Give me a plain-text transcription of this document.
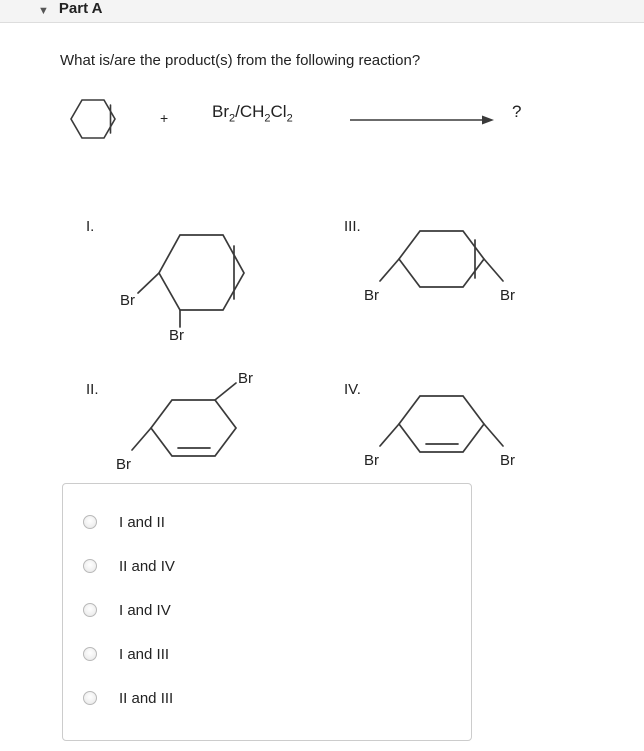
▼ Part A
What is/are the product(s) from the following reaction?
+	$Br_2/CH_2Cl_2$	?
I.
Br
Br
III.
Br	Br
II.
Br
Br
IV.
Br	Br
I and II
II and IV
I and IV
I and III
II and III
